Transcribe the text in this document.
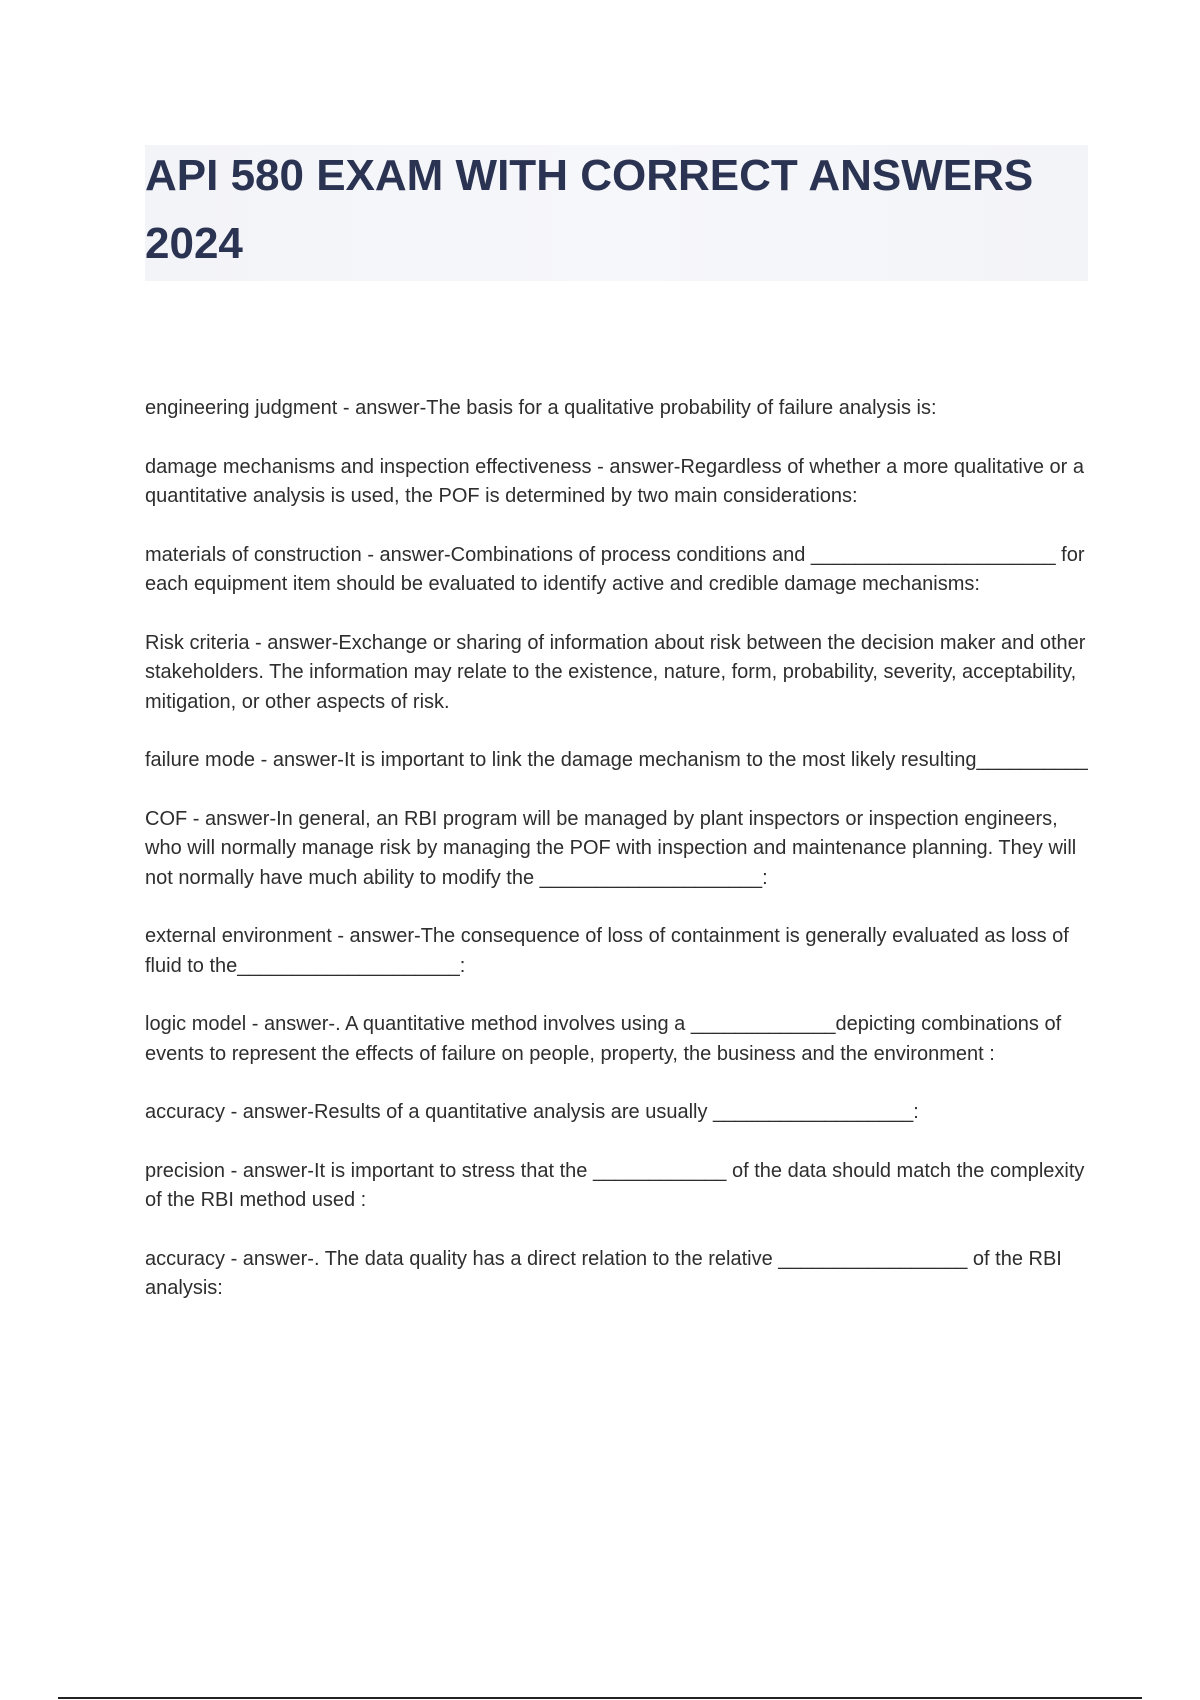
API 580 EXAM WITH CORRECT ANSWERS 2024
engineering judgment - answer-The basis for a qualitative probability of failure analysis is:
damage mechanisms and inspection effectiveness - answer-Regardless of whether a more qualitative or a quantitative analysis is used, the POF is determined by two main considerations:
materials of construction - answer-Combinations of process conditions and ______________________ for each equipment item should be evaluated to identify active and credible damage mechanisms:
Risk criteria - answer-Exchange or sharing of information about risk between the decision maker and other stakeholders. The information may relate to the existence, nature, form, probability, severity, acceptability, mitigation, or other aspects of risk.
failure mode - answer-It is important to link the damage mechanism to the most likely resulting__________
COF - answer-In general, an RBI program will be managed by plant inspectors or inspection engineers, who will normally manage risk by managing the POF with inspection and maintenance planning. They will not normally have much ability to modify the ____________________:
external environment - answer-The consequence of loss of containment is generally evaluated as loss of fluid to the____________________:
logic model - answer-. A quantitative method involves using a _____________depicting combinations of events to represent the effects of failure on people, property, the business and the environment :
accuracy - answer-Results of a quantitative analysis are usually __________________:
precision - answer-It is important to stress that the ____________ of the data should match the complexity of the RBI method used :
accuracy - answer-. The data quality has a direct relation to the relative _________________ of the RBI analysis:
